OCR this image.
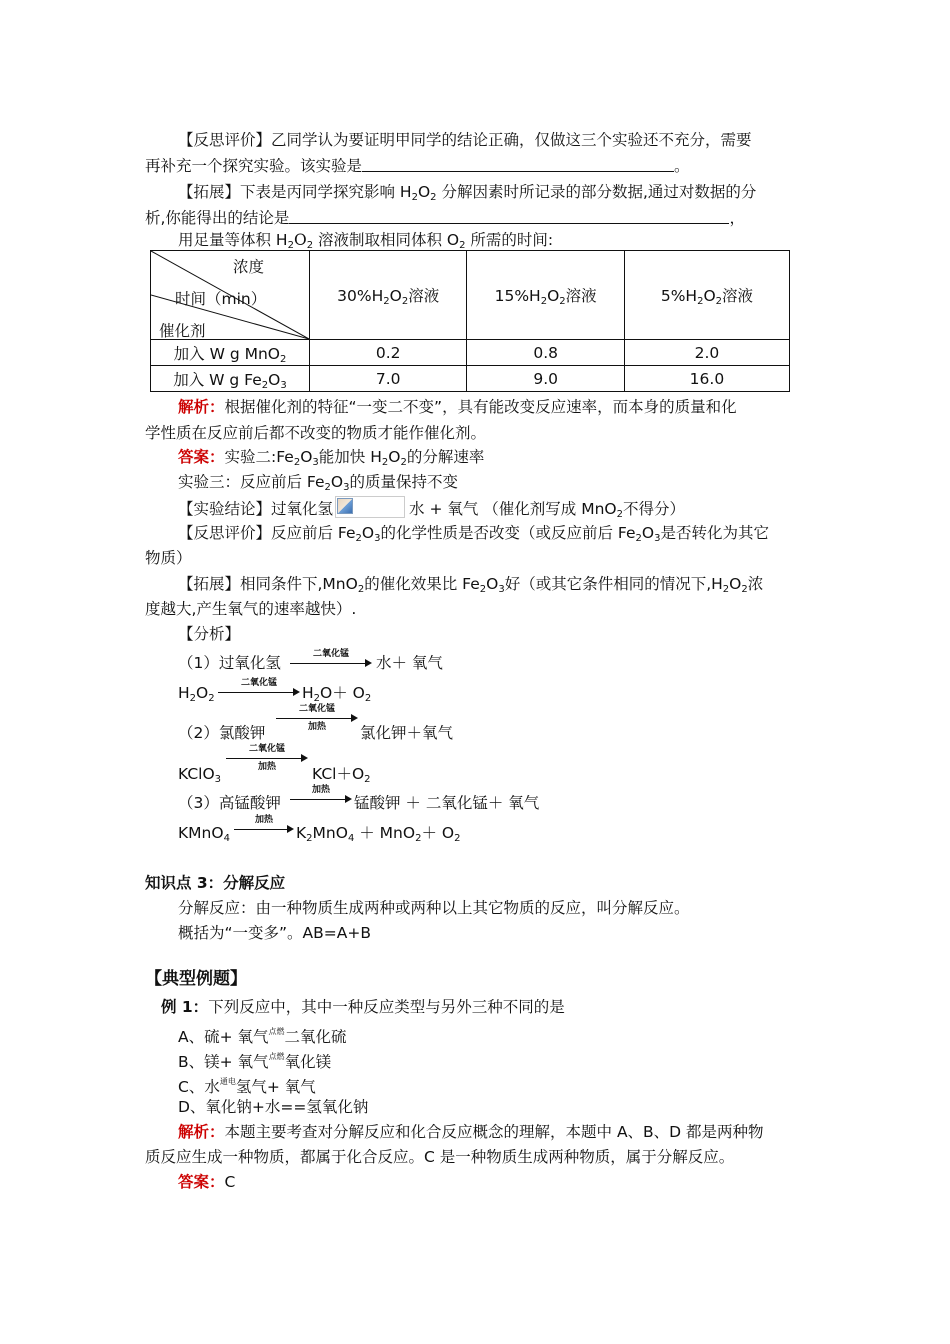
【反思评价】乙同学认为要证明甲同学的结论正确，仅做这三个实验还不充分，需要
再补充一个探究实验。该实验是	。
【拓展】下表是丙同学探究影响 $H_2O_2$ 分解因素时所记录的部分数据,通过对数据的分
析,你能得出的结论是	，
用足量等体积 $H_2O_2$ 溶液制取相同体积 $O_2$ 所需的时间:
浓度
时间（min）
催化剂	$30\%H_2O_2$溶液	$15\%H_2O_2$溶液	$5\%H_2O_2$溶液
加入 W g MnO$_2$	0.2	0.8	2.0
加入 W g $Fe_2O_3$	7.0	9.0	16.0
解析：根据催化剂的特征“一变二不变”，具有能改变反应速率，而本身的质量和化
学性质在反应前后都不改变的物质才能作催化剂。
答案：实验二$:Fe_2O_3$能加快 $H_2O_2$的分解速率
实验三：反应前后 $Fe_2O_3$的质量保持不变
【实验结论】过氧化氢	水 + 氧气 （催化剂写成 MnO$_2$不得分）
【反思评价】反应前后 $Fe_2O_3$的化学性质是否改变（或反应前后 $Fe_2O_3$是否转化为其它
物质）
【拓展】相同条件下,MnO$_2$的催化效果比 $Fe_2O_3$好（或其它条件相同的情况下$,H_2O_2$浓
度越大,产生氧气的速率越快）.
【分析】
（1）过氧化氢	二氧化锰	水＋ 氧气
$H_2O_2$
二氧化锰
$H_2O+ O_2$
（2）氯酸钾
二氧化锰
加热	氯化钾＋氧气
KClO$_3$
二氧化锰
加热	$KCl+O_2$
（3）高锰酸钾
加热
锰酸钾 ＋ 二氧化锰＋ 氧气
KMnO$_4$
加热
$K_2MnO_4 + MnO_2+ O_2$
知识点 3：分解反应
分解反应：由一种物质生成两种或两种以上其它物质的反应，叫分解反应。
概括为“一变多”。AB=A+B
【典型例题】
例 1：下列反应中，其中一种反应类型与另外三种不同的是
A、硫+ 氧气$^{点燃}$二氧化硫
B、镁+ 氧气$^{点燃}$氧化镁
C、水$^{通电}$氢气+ 氧气
D、氧化钠+水==氢氧化钠
解析：本题主要考查对分解反应和化合反应概念的理解，本题中 A、B、D 都是两种物
质反应生成一种物质，都属于化合反应。C 是一种物质生成两种物质，属于分解反应。
答案：C
